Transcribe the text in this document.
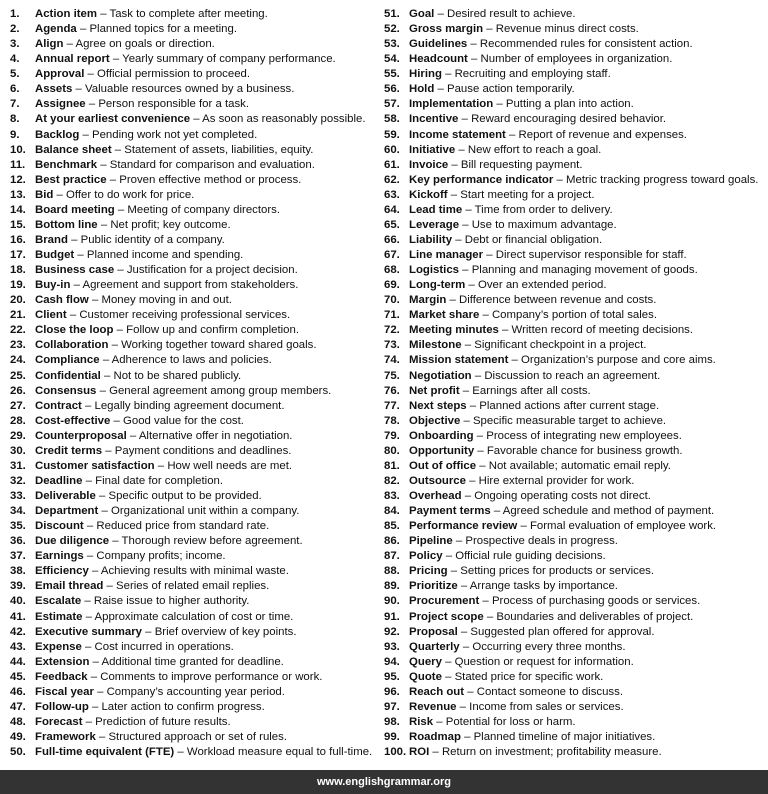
1.	Action item – Task to complete after meeting.
2.	Agenda – Planned topics for a meeting.
3.	Align – Agree on goals or direction.
4.	Annual report – Yearly summary of company performance.
5.	Approval – Official permission to proceed.
6.	Assets – Valuable resources owned by a business.
7.	Assignee – Person responsible for a task.
8.	At your earliest convenience – As soon as reasonably possible.
9.	Backlog – Pending work not yet completed.
10. Balance sheet – Statement of assets, liabilities, equity.
11. Benchmark – Standard for comparison and evaluation.
12. Best practice – Proven effective method or process.
13. Bid – Offer to do work for price.
14. Board meeting – Meeting of company directors.
15. Bottom line – Net profit; key outcome.
16. Brand – Public identity of a company.
17. Budget – Planned income and spending.
18. Business case – Justification for a project decision.
19. Buy-in – Agreement and support from stakeholders.
20. Cash flow – Money moving in and out.
21. Client – Customer receiving professional services.
22. Close the loop – Follow up and confirm completion.
23. Collaboration – Working together toward shared goals.
24. Compliance – Adherence to laws and policies.
25. Confidential – Not to be shared publicly.
26. Consensus – General agreement among group members.
27. Contract – Legally binding agreement document.
28. Cost-effective – Good value for the cost.
29. Counterproposal – Alternative offer in negotiation.
30. Credit terms – Payment conditions and deadlines.
31. Customer satisfaction – How well needs are met.
32. Deadline – Final date for completion.
33. Deliverable – Specific output to be provided.
34. Department – Organizational unit within a company.
35. Discount – Reduced price from standard rate.
36. Due diligence – Thorough review before agreement.
37. Earnings – Company profits; income.
38. Efficiency – Achieving results with minimal waste.
39. Email thread – Series of related email replies.
40. Escalate – Raise issue to higher authority.
41. Estimate – Approximate calculation of cost or time.
42. Executive summary – Brief overview of key points.
43. Expense – Cost incurred in operations.
44. Extension – Additional time granted for deadline.
45. Feedback – Comments to improve performance or work.
46. Fiscal year – Company’s accounting year period.
47. Follow-up – Later action to confirm progress.
48. Forecast – Prediction of future results.
49. Framework – Structured approach or set of rules.
50. Full-time equivalent (FTE) – Workload measure equal to full-time.
51. Goal – Desired result to achieve.
52. Gross margin – Revenue minus direct costs.
53. Guidelines – Recommended rules for consistent action.
54. Headcount – Number of employees in organization.
55. Hiring – Recruiting and employing staff.
56. Hold – Pause action temporarily.
57. Implementation – Putting a plan into action.
58. Incentive – Reward encouraging desired behavior.
59. Income statement – Report of revenue and expenses.
60. Initiative – New effort to reach a goal.
61. Invoice – Bill requesting payment.
62. Key performance indicator – Metric tracking progress toward goals.
63. Kickoff – Start meeting for a project.
64. Lead time – Time from order to delivery.
65. Leverage – Use to maximum advantage.
66. Liability – Debt or financial obligation.
67. Line manager – Direct supervisor responsible for staff.
68. Logistics – Planning and managing movement of goods.
69. Long-term – Over an extended period.
70. Margin – Difference between revenue and costs.
71. Market share – Company’s portion of total sales.
72. Meeting minutes – Written record of meeting decisions.
73. Milestone – Significant checkpoint in a project.
74. Mission statement – Organization’s purpose and core aims.
75. Negotiation – Discussion to reach an agreement.
76. Net profit – Earnings after all costs.
77. Next steps – Planned actions after current stage.
78. Objective – Specific measurable target to achieve.
79. Onboarding – Process of integrating new employees.
80. Opportunity – Favorable chance for business growth.
81. Out of office – Not available; automatic email reply.
82. Outsource – Hire external provider for work.
83. Overhead – Ongoing operating costs not direct.
84. Payment terms – Agreed schedule and method of payment.
85. Performance review – Formal evaluation of employee work.
86. Pipeline – Prospective deals in progress.
87. Policy – Official rule guiding decisions.
88. Pricing – Setting prices for products or services.
89. Prioritize – Arrange tasks by importance.
90. Procurement – Process of purchasing goods or services.
91. Project scope – Boundaries and deliverables of project.
92. Proposal – Suggested plan offered for approval.
93. Quarterly – Occurring every three months.
94. Query – Question or request for information.
95. Quote – Stated price for specific work.
96. Reach out – Contact someone to discuss.
97. Revenue – Income from sales or services.
98. Risk – Potential for loss or harm.
99. Roadmap – Planned timeline of major initiatives.
100. ROI – Return on investment; profitability measure.
www.englishgrammar.org
